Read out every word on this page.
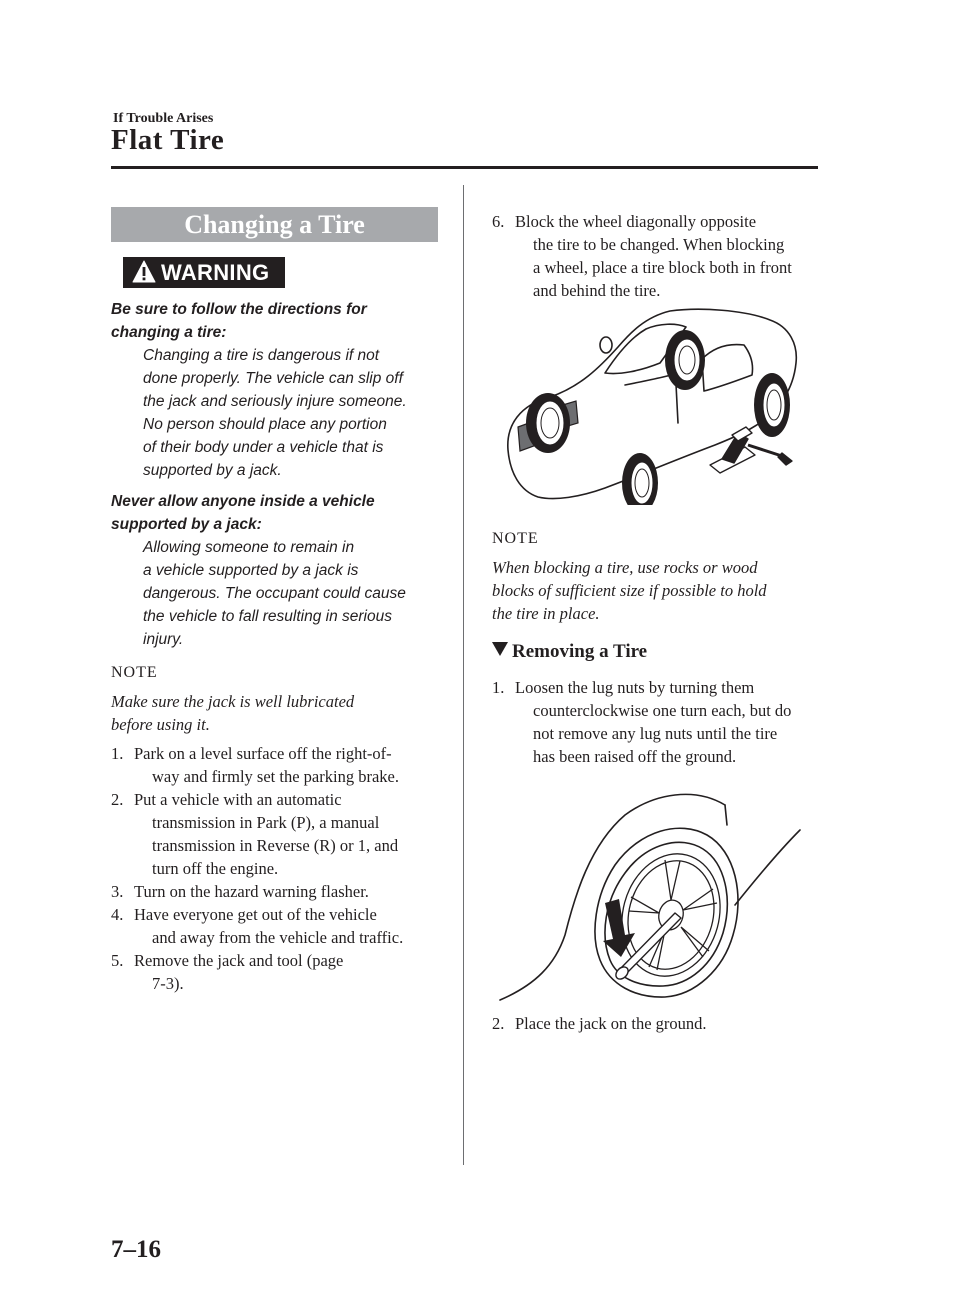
If Trouble Arises
Flat Tire
Changing a Tire
WARNING
Be sure to follow the directions for
changing a tire:
Changing a tire is dangerous if not
done properly. The vehicle can slip off
the jack and seriously injure someone.
No person should place any portion
of their body under a vehicle that is
supported by a jack.
Never allow anyone inside a vehicle
supported by a jack:
Allowing someone to remain in
a vehicle supported by a jack is
dangerous. The occupant could cause
the vehicle to fall resulting in serious
injury.
NOTE
Make sure the jack is well lubricated
before using it.
1. Park on a level surface off the right-of-
way and firmly set the parking brake.
2. Put a vehicle with an automatic
transmission in Park (P), a manual
transmission in Reverse (R) or 1, and
turn off the engine.
3. Turn on the hazard warning flasher.
4. Have everyone get out of the vehicle
and away from the vehicle and traffic.
5. Remove the jack and tool (page
7-3).
6. Block the wheel diagonally opposite
the tire to be changed. When blocking
a wheel, place a tire block both in front
and behind the tire.
NOTE
When blocking a tire, use rocks or wood
blocks of sufficient size if possible to hold
the tire in place.
Removing a Tire
1. Loosen the lug nuts by turning them
counterclockwise one turn each, but do
not remove any lug nuts until the tire
has been raised off the ground.
2. Place the jack on the ground.
7–16
